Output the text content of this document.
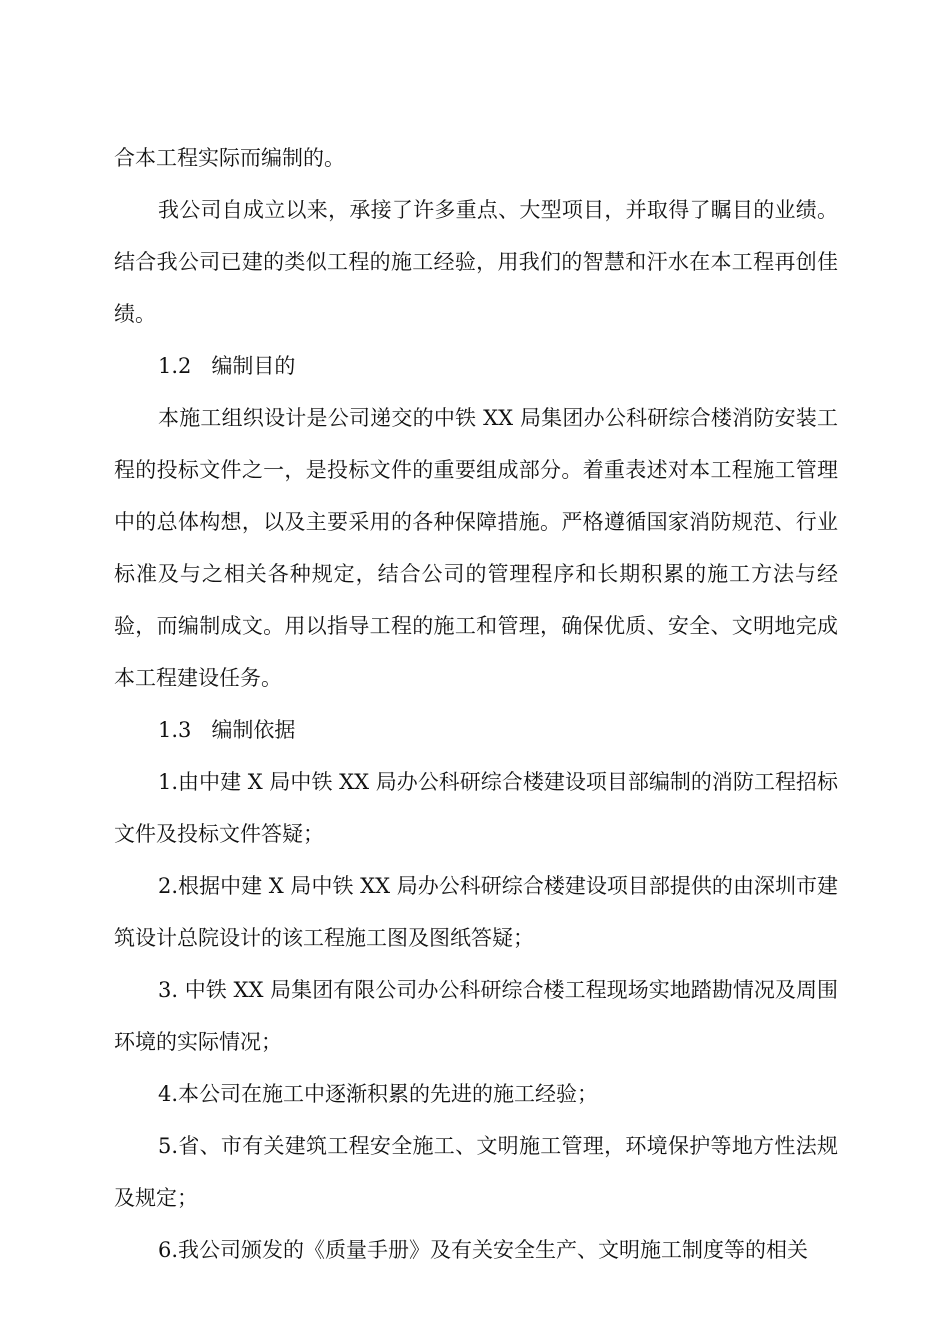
合本工程实际而编制的。

我公司自成立以来，承接了许多重点、大型项目，并取得了瞩目的业绩。结合我公司已建的类似工程的施工经验，用我们的智慧和汗水在本工程再创佳绩。

1.2 编制目的

本施工组织设计是公司递交的中铁 XX 局集团办公科研综合楼消防安装工程的投标文件之一，是投标文件的重要组成部分。着重表述对本工程施工管理中的总体构想，以及主要采用的各种保障措施。严格遵循国家消防规范、行业标准及与之相关各种规定，结合公司的管理程序和长期积累的施工方法与经验，而编制成文。用以指导工程的施工和管理，确保优质、安全、文明地完成本工程建设任务。

1.3 编制依据

1.由中建 X 局中铁 XX 局办公科研综合楼建设项目部编制的消防工程招标文件及投标文件答疑；

2.根据中建 X 局中铁 XX 局办公科研综合楼建设项目部提供的由深圳市建筑设计总院设计的该工程施工图及图纸答疑；

3. 中铁 XX 局集团有限公司办公科研综合楼工程现场实地踏勘情况及周围环境的实际情况；

4.本公司在施工中逐渐积累的先进的施工经验；

5.省、市有关建筑工程安全施工、文明施工管理，环境保护等地方性法规及规定；

6.我公司颁发的《质量手册》及有关安全生产、文明施工制度等的相关
